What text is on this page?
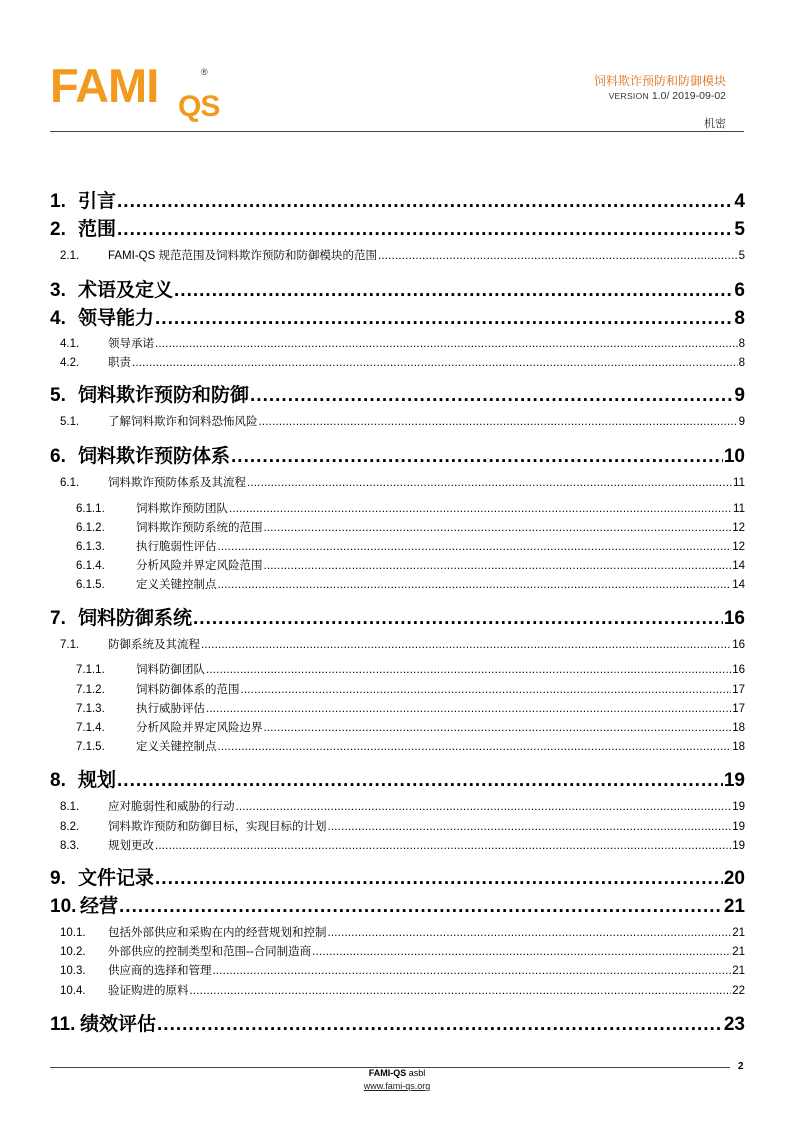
FAMI QS
®
饲料欺诈预防和防御模块
VERSION 1.0/ 2019-09-02
机密
1. 引言 .....	4
2. 范围 .....	5
2.1.	FAMI-QS 规范范围及饲料欺诈预防和防御模块的范围 .....	5
3. 术语及定义 .....	6
4. 领导能力 .....	8
4.1.	领导承诺 .....	8
4.2.	职责 .....	8
5. 饲料欺诈预防和防御 .....	9
5.1.	了解饲料欺诈和饲料恐怖风险 .....	9
6. 饲料欺诈预防体系 .....	10
6.1.	饲料欺诈预防体系及其流程 .....	11
6.1.1.	饲料欺诈预防团队 .....	11
6.1.2.	饲料欺诈预防系统的范围 .....	12
6.1.3.	执行脆弱性评估 .....	12
6.1.4.	分析风险并界定风险范围 .....	14
6.1.5.	定义关键控制点 .....	14
7. 饲料防御系统 .....	16
7.1.	防御系统及其流程 .....	16
7.1.1.	饲料防御团队 .....	16
7.1.2.	饲料防御体系的范围 .....	17
7.1.3.	执行威胁评估 .....	17
7.1.4.	分析风险并界定风险边界 .....	18
7.1.5.	定义关键控制点 .....	18
8. 规划 .....	19
8.1.	应对脆弱性和威胁的行动 .....	19
8.2.	饲料欺诈预防和防御目标，实现目标的计划 .....	19
8.3.	规划更改 .....	19
9. 文件记录 .....	20
10. 经营 .....	21
10.1.	包括外部供应和采购在内的经营规划和控制 .....	21
10.2.	外部供应的控制类型和范围--合同制造商 .....	21
10.3.	供应商的选择和管理 .....	21
10.4.	验证购进的原料 .....	22
11. 绩效评估 .....	23
FAMI-QS asbl
www.fami-qs.org
2
